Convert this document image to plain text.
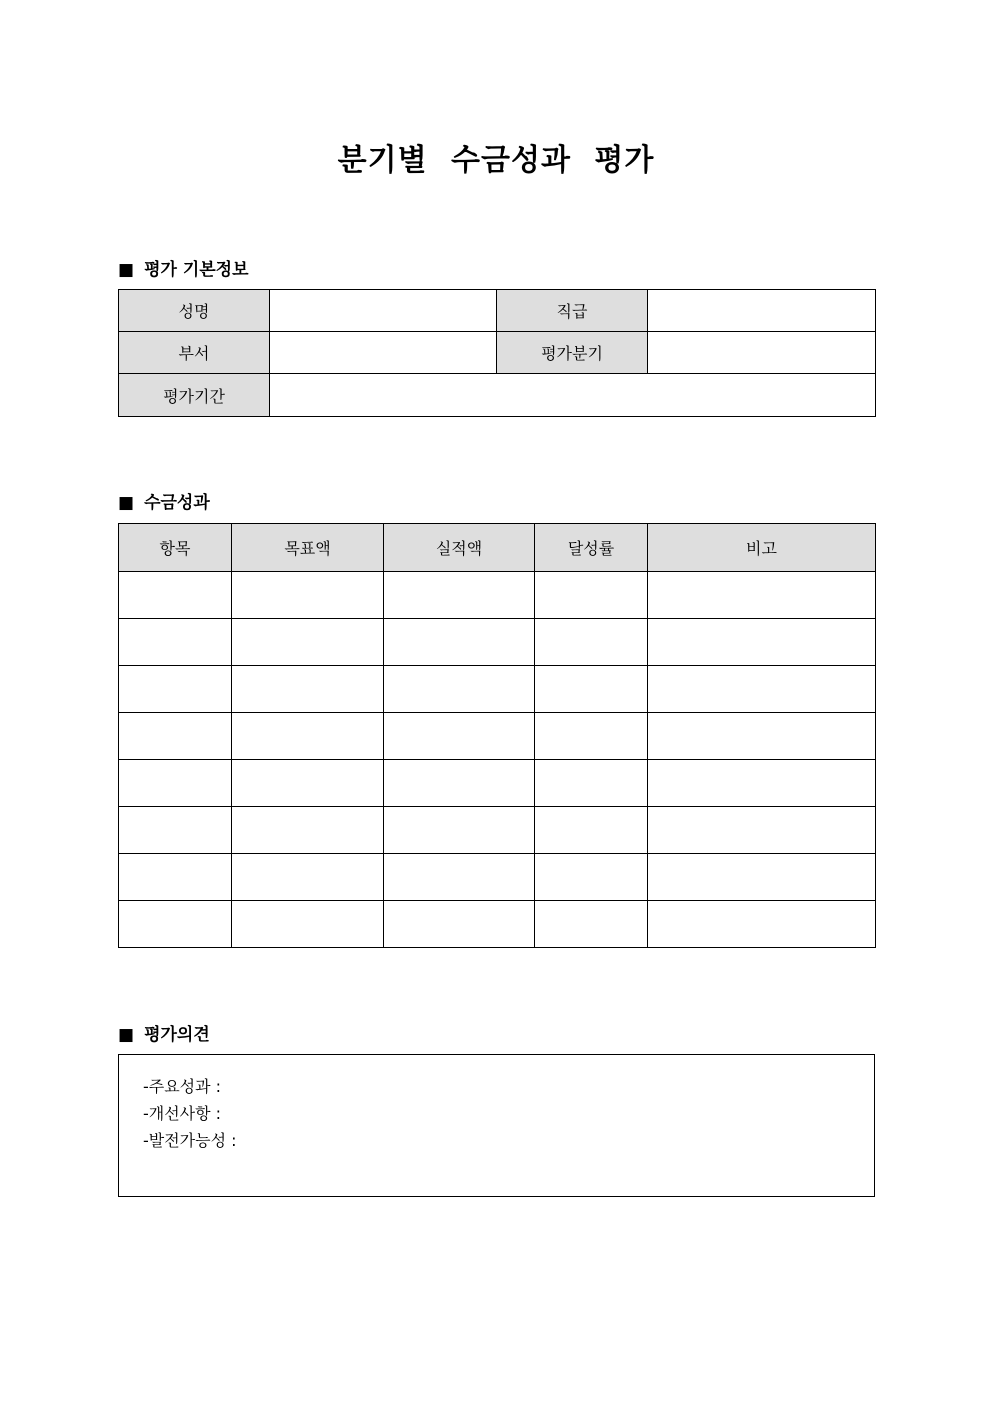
분기별 수금성과 평가
■ 평가 기본정보
성명		직급	
부서		평가분기	
평가기간			
■ 수금성과
항목	목표액	실적액	달성률	비고

■ 평가의견
-주요성과 :
-개선사항 :
-발전가능성 :
